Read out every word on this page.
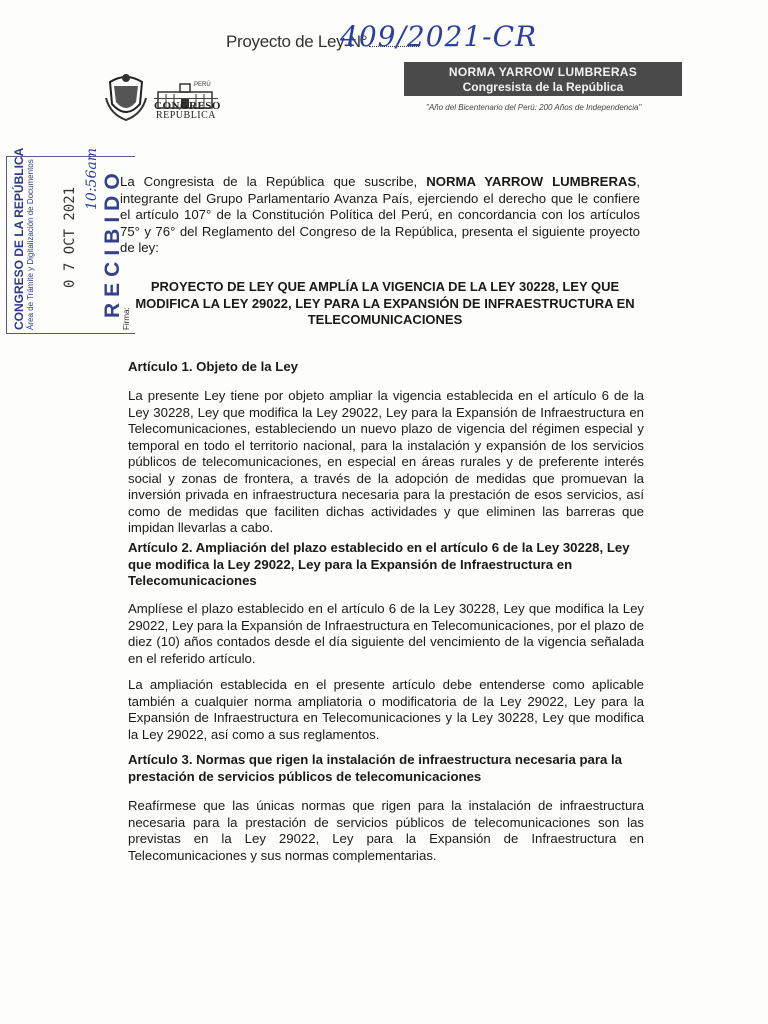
Proyecto de Ley N°
409/2021-CR
PERÚ
CONGRESO
REPÚBLICA
NORMA YARROW LUMBRERAS
Congresista de la República
"Año del Bicentenario del Perú: 200 Años de Independencia"
CONGRESO DE LA REPÚBLICA Área de Trámite y Digitalización de Documentos 0 7 OCT 2021 RECIBIDO
Firma:
10:56am La Congresista de la República que suscribe, NORMA YARROW LUMBRERAS, integrante del Grupo Parlamentario Avanza País, ejerciendo el derecho que le confiere el artículo 107° de la Constitución Política del Perú, en concordancia con los artículos 75° y 76° del Reglamento del Congreso de la República, presenta el siguiente proyecto de ley:
PROYECTO DE LEY QUE AMPLÍA LA VIGENCIA DE LA LEY 30228, LEY QUE MODIFICA LA LEY 29022, LEY PARA LA EXPANSIÓN DE INFRAESTRUCTURA EN TELECOMUNICACIONES
Artículo 1. Objeto de la Ley
La presente Ley tiene por objeto ampliar la vigencia establecida en el artículo 6 de la Ley 30228, Ley que modifica la Ley 29022, Ley para la Expansión de Infraestructura en Telecomunicaciones, estableciendo un nuevo plazo de vigencia del régimen especial y temporal en todo el territorio nacional, para la instalación y expansión de los servicios públicos de telecomunicaciones, en especial en áreas rurales y de preferente interés social y zonas de frontera, a través de la adopción de medidas que promuevan la inversión privada en infraestructura necesaria para la prestación de esos servicios, así como de medidas que faciliten dichas actividades y que eliminen las barreras que impidan llevarlas a cabo.
Artículo 2. Ampliación del plazo establecido en el artículo 6 de la Ley 30228, Ley que modifica la Ley 29022, Ley para la Expansión de Infraestructura en Telecomunicaciones
Amplíese el plazo establecido en el artículo 6 de la Ley 30228, Ley que modifica la Ley 29022, Ley para la Expansión de Infraestructura en Telecomunicaciones, por el plazo de diez (10) años contados desde el día siguiente del vencimiento de la vigencia señalada en el referido artículo.
La ampliación establecida en el presente artículo debe entenderse como aplicable también a cualquier norma ampliatoria o modificatoria de la Ley 29022, Ley para la Expansión de Infraestructura en Telecomunicaciones y la Ley 30228, Ley que modifica la Ley 29022, así como a sus reglamentos.
Artículo 3. Normas que rigen la instalación de infraestructura necesaria para la prestación de servicios públicos de telecomunicaciones
Reafírmese que las únicas normas que rigen para la instalación de infraestructura necesaria para la prestación de servicios públicos de telecomunicaciones son las previstas en la Ley 29022, Ley para la Expansión de Infraestructura en Telecomunicaciones y sus normas complementarias.
